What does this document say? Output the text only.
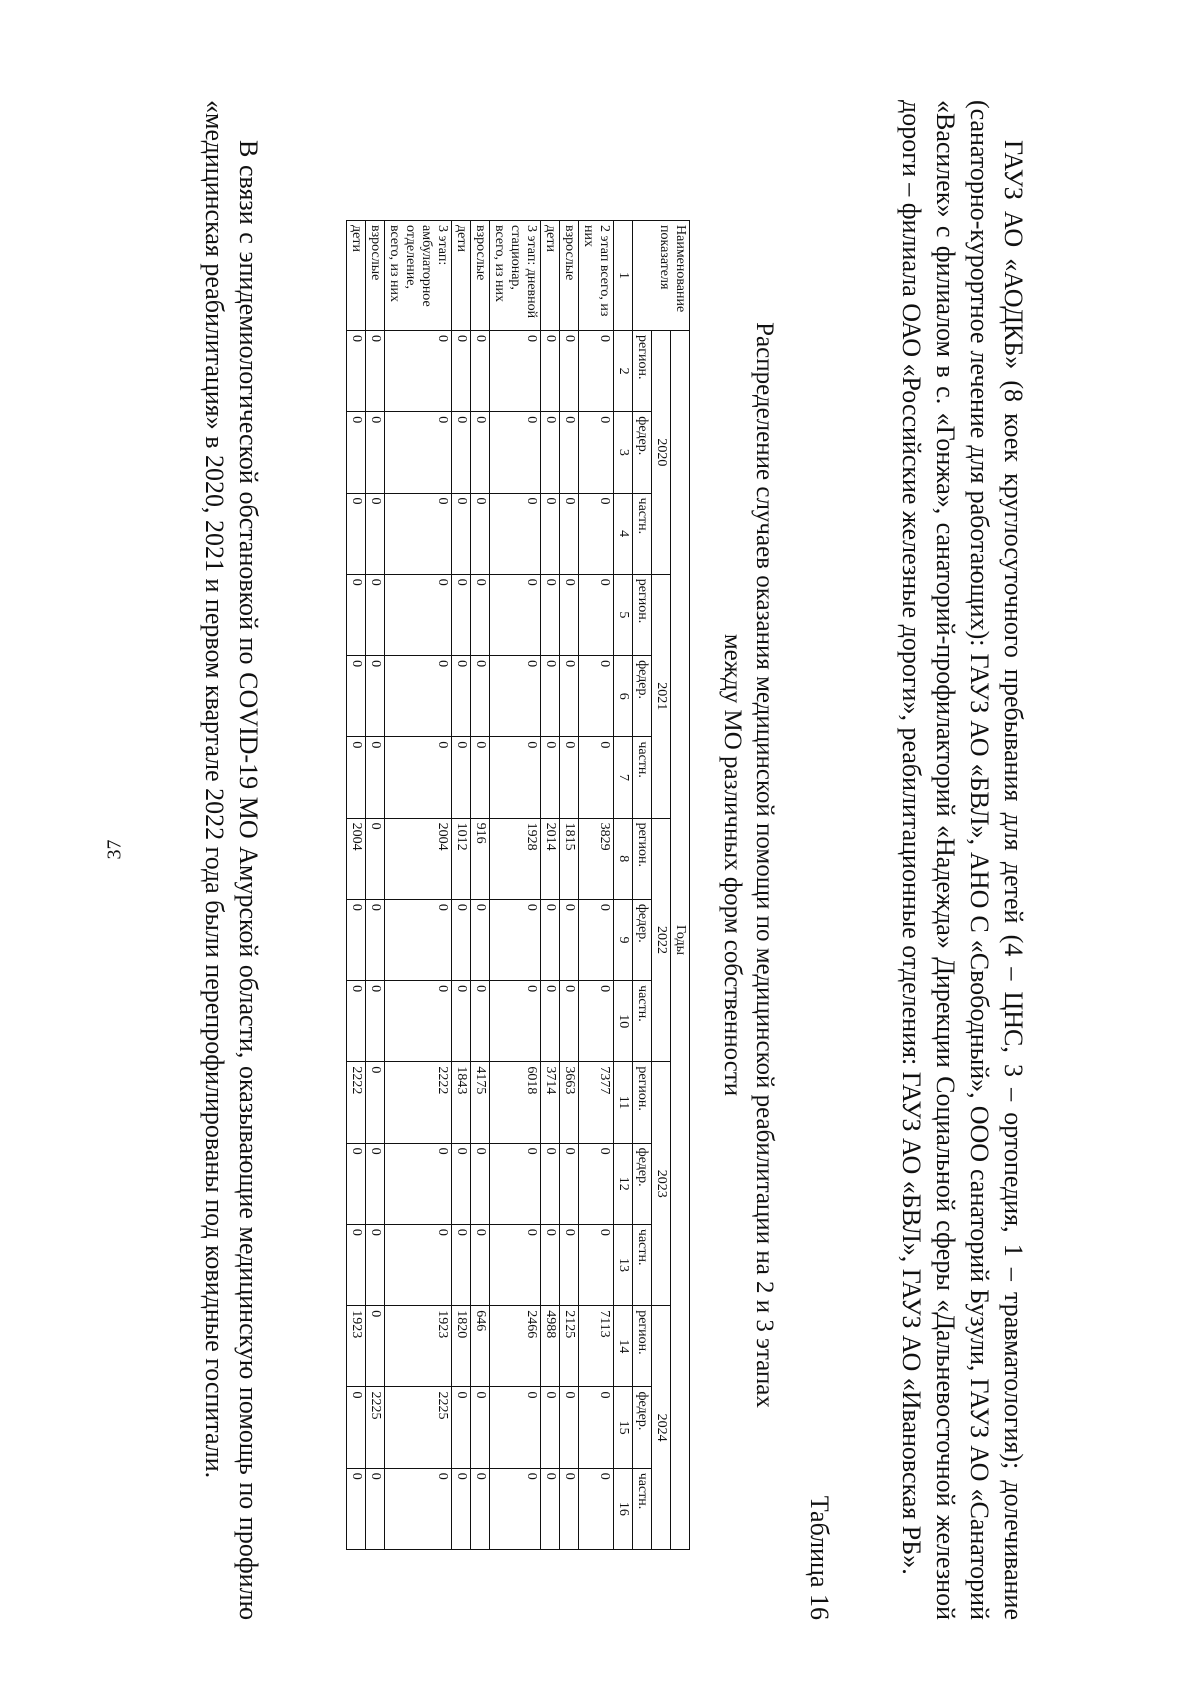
37	ГАУЗ АО «АОДКБ» (8 коек круглосуточного пребывания для детей (4 – ЦНС, 3 – ортопедия, 1 – травматология); долечивание (санаторно-курортное лечение для работающих): ГАУЗ АО «БВЛ», АНО С «Свободный», ООО санаторий Бузули, ГАУЗ АО «Санаторий «Василек» с филиалом в с. «Гонжа», санаторий-профилакторий «Надежда» Дирекции Социальной сферы «Дальневосточной железной дороги – филиала ОАО «Российские железные дороги», реабилитационные отделения: ГАУЗ АО «БВЛ», ГАУЗ АО «Ивановская РБ».

Таблица 16
Распределение случаев оказания медицинской помощи по медицинской реабилитации на 2 и 3 этапах
между МО различных форм собственности
Наименование показателя	Годы														
	2020			2021			2022			2023			2024		
	регион.	федер.	частн.	регион.	федер.	частн.	регион.	федер.	частн.	регион.	федер.	частн.	регион.	федер.	частн.
1	2	3	4	5	6	7	8	9	10	11	12	13	14	15	16
2 этап всего, из них	0	0	0	0	0	0	3829	0	0	7377	0	0	7113	0	0
взрослые	0	0	0	0	0	0	1815	0	0	3663	0	0	2125	0	0
дети	0	0	0	0	0	0	2014	0	0	3714	0	0	4988	0	0
3 этап: дневной стационар, всего, из них	0	0	0	0	0	0	1928	0	0	6018	0	0	2466	0	0
взрослые	0	0	0	0	0	0	916	0	0	4175	0	0	646	0	0
дети	0	0	0	0	0	0	1012	0	0	1843	0	0	1820	0	0
3 этап: амбулаторное отделение, всего, из них	0	0	0	0	0	0	2004	0	0	2222	0	0	1923	2225	0
взрослые	0	0	0	0	0	0	0	0	0	0	0	0	0	2225	0
дети	0	0	0	0	0	0	2004	0	0	2222	0	0	1923	0	0

В связи с эпидемиологической обстановкой по COVID-19 МО Амурской области, оказывающие медицинскую помощь по профилю «медицинская реабилитация» в 2020, 2021 и первом квартале 2022 года были перепрофилированы под ковидные госпитали.
